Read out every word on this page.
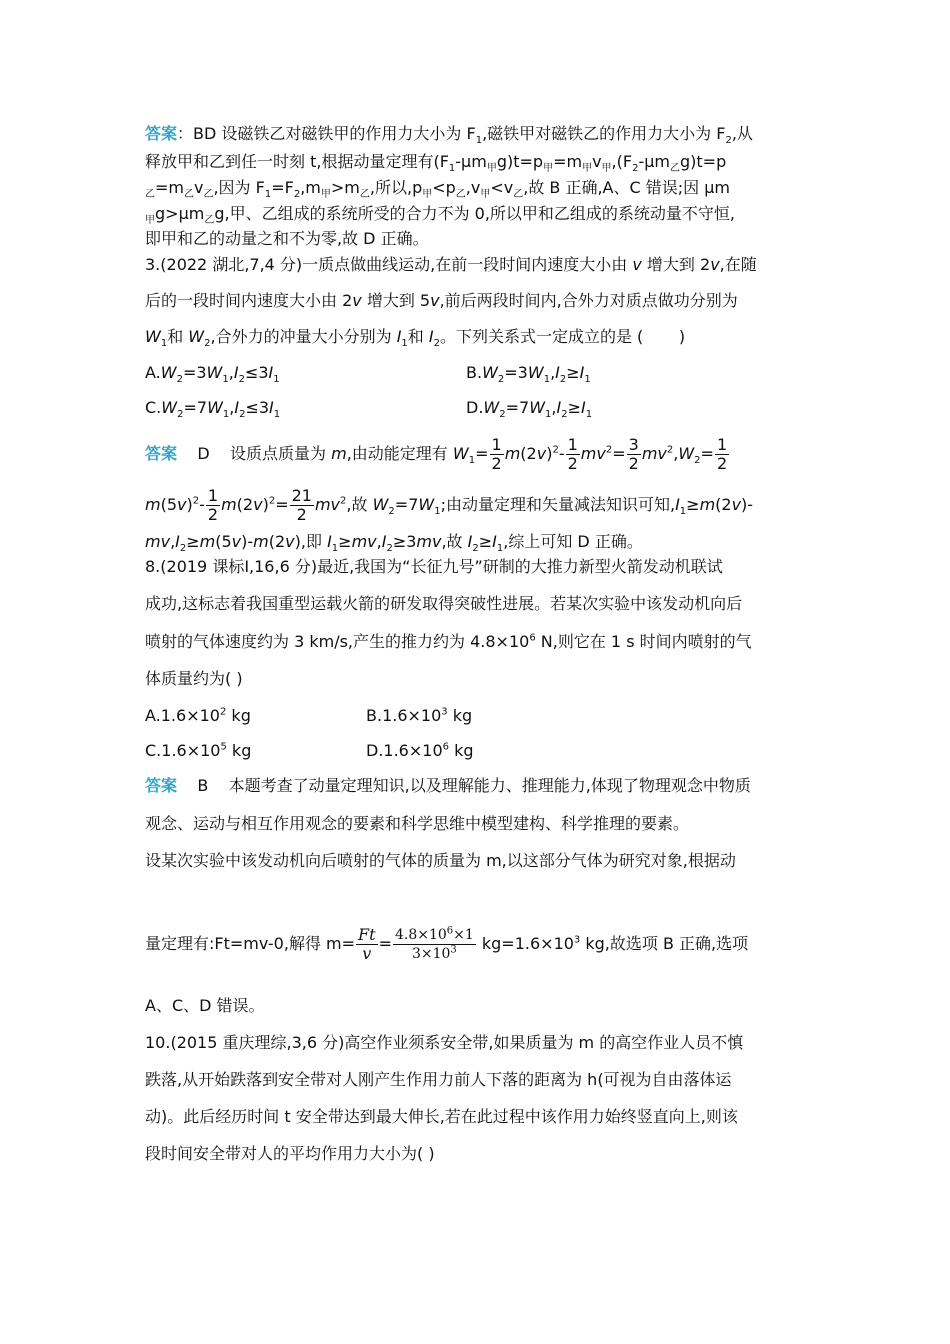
答案：BD 设磁铁乙对磁铁甲的作用力大小为 $F_1$,磁铁甲对磁铁乙的作用力大小为 $F_2$,从
释放甲和乙到任一时刻 t,根据动量定理有$(F_1-\mu m_甲g)t=p_甲=m_甲v_甲,(F_2-\mu m_乙g)t=p$
$_乙=m_乙v_乙$,因为 $F_1=F_2,m_甲>m_乙$,所以$,p_甲<p_乙,v_甲<v_乙$,故 B 正确,A、C 错误;因 μm
$_甲g>\mu m_乙g$,甲、乙组成的系统所受的合力不为 0,所以甲和乙组成的系统动量不守恒,
即甲和乙的动量之和不为零,故 D 正确。
3.(2022 湖北,7,4 分)一质点做曲线运动,在前一段时间内速度大小由 v 增大到 2v,在随
后的一段时间内速度大小由 2v 增大到 5v,前后两段时间内,合外力对质点做功分别为
$W_1$和 $W_2$,合外力的冲量大小分别为 $I_1$和 $I_2$。下列关系式一定成立的是 (       )
$A.W_2=3W_1,I_2\le 3I_1$	$B.W_2=3W_1,I_2\ge I_1$
$C.W_2=7W_1,I_2\le 3I_1$	$D.W_2=7W_1,I_2\ge I_1$
答案    D    设质点质量为 m,由动能定理有 $W_1= \frac{1}{2} m(2v)^2- \frac{1}{2} mv^2= \frac{3}{2} mv^2,W_2= \frac{1}{2}$
$m(5v)^2- \frac{1}{2} m(2v)^2= \frac{21}{2} mv^2$,故 $W_2=7W_1$;由动量定理和矢量减法知识可知$,I_1\ge m(2v)-$
$mv,I_2\ge m(5v)-m(2v)$,即 $I_1\ge mv,I_2\ge 3mv$,故 $I_2\ge I_1$,综上可知 D 正确。
8.(2019 课标Ⅰ,16,6 分)最近,我国为“长征九号”研制的大推力新型火箭发动机联试
成功,这标志着我国重型运载火箭的研发取得突破性进展。若某次实验中该发动机向后
喷射的气体速度约为 3 km/s,产生的推力约为 $4.8\times 10^6$ N,则它在 1 s 时间内喷射的气
体质量约为( )
$A.1.6\times 10^2$ kg	$B.1.6\times 10^3$ kg
$C.1.6\times 10^5$ kg	$D.1.6\times 10^6$ kg
答案    B    本题考查了动量定理知识,以及理解能力、推理能力,体现了物理观念中物质
观念、运动与相互作用观念的要素和科学思维中模型建构、科学推理的要素。
设某次实验中该发动机向后喷射的气体的质量为 m,以这部分气体为研究对象,根据动
量定理有:Ft=mv-0,解得 $m= \frac{Ft}{v} = \frac{4.8\times 10^6\times 1}{3\times 10^3} kg=1.6\times 10^3$ kg,故选项 B 正确,选项
A、C、D 错误。
10.(2015 重庆理综,3,6 分)高空作业须系安全带,如果质量为 m 的高空作业人员不慎
跌落,从开始跌落到安全带对人刚产生作用力前人下落的距离为 h(可视为自由落体运
动)。此后经历时间 t 安全带达到最大伸长,若在此过程中该作用力始终竖直向上,则该
段时间安全带对人的平均作用力大小为( )
